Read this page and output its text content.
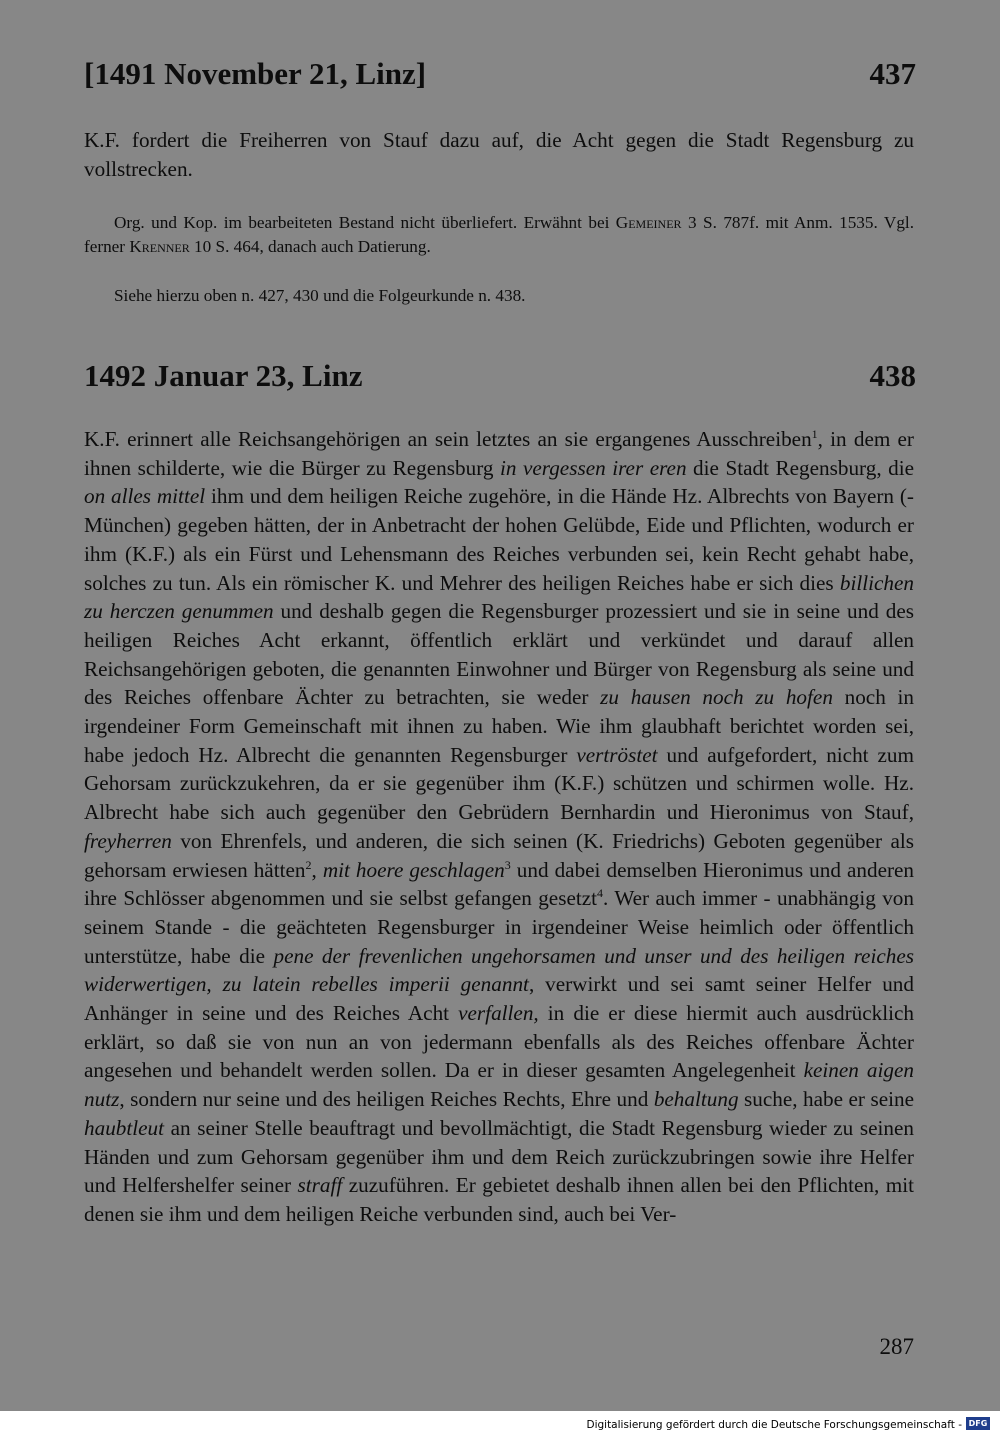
[1491 November 21, Linz]	437
K.F. fordert die Freiherren von Stauf dazu auf, die Acht gegen die Stadt Regensburg zu vollstrecken.
Org. und Kop. im bearbeiteten Bestand nicht überliefert. Erwähnt bei Gemeiner 3 S. 787f. mit Anm. 1535. Vgl. ferner Krenner 10 S. 464, danach auch Datierung.
Siehe hierzu oben n. 427, 430 und die Folgeurkunde n. 438.
1492 Januar 23, Linz	438
K.F. erinnert alle Reichsangehörigen an sein letztes an sie ergangenes Ausschreiben$^1$, in dem er ihnen schilderte, wie die Bürger zu Regensburg in vergessen irer eren die Stadt Regensburg, die on alles mittel ihm und dem heiligen Reiche zugehöre, in die Hände Hz. Albrechts von Bayern (-München) gegeben hätten, der in Anbetracht der hohen Gelübde, Eide und Pflichten, wodurch er ihm (K.F.) als ein Fürst und Lehensmann des Reiches verbunden sei, kein Recht gehabt habe, solches zu tun. Als ein römischer K. und Mehrer des heiligen Reiches habe er sich dies billichen zu herczen genummen und deshalb gegen die Regensburger prozessiert und sie in seine und des heiligen Reiches Acht erkannt, öffentlich erklärt und verkündet und darauf allen Reichsangehörigen geboten, die genannten Einwohner und Bürger von Regensburg als seine und des Reiches offenbare Ächter zu betrachten, sie weder zu hausen noch zu hofen noch in irgendeiner Form Gemeinschaft mit ihnen zu haben. Wie ihm glaubhaft berichtet worden sei, habe jedoch Hz. Albrecht die genannten Regensburger vertröstet und aufgefordert, nicht zum Gehorsam zurückzukehren, da er sie gegenüber ihm (K.F.) schützen und schirmen wolle. Hz. Albrecht habe sich auch gegenüber den Gebrüdern Bernhardin und Hieronimus von Stauf, freyherren von Ehrenfels, und anderen, die sich seinen (K. Friedrichs) Geboten gegenüber als gehorsam erwiesen hätten$^2$, mit hoere geschlagen$^3$ und dabei demselben Hieronimus und anderen ihre Schlösser abgenommen und sie selbst gefangen gesetzt$^4$. Wer auch immer - unabhängig von seinem Stande - die geächteten Regensburger in irgendeiner Weise heimlich oder öffentlich unterstütze, habe die pene der frevenlichen ungehorsamen und unser und des heiligen reiches widerwertigen, zu latein rebelles imperii genannt, verwirkt und sei samt seiner Helfer und Anhänger in seine und des Reiches Acht verfallen, in die er diese hiermit auch ausdrücklich erklärt, so daß sie von nun an von jedermann ebenfalls als des Reiches offenbare Ächter angesehen und behandelt werden sollen. Da er in dieser gesamten Angelegenheit keinen aigen nutz, sondern nur seine und des heiligen Reiches Rechts, Ehre und behaltung suche, habe er seine haubtleut an seiner Stelle beauftragt und bevollmächtigt, die Stadt Regensburg wieder zu seinen Händen und zum Gehorsam gegenüber ihm und dem Reich zurückzubringen sowie ihre Helfer und Helfershelfer seiner straff zuzuführen. Er gebietet deshalb ihnen allen bei den Pflichten, mit denen sie ihm und dem heiligen Reiche verbunden sind, auch bei Ver-
287
Digitalisierung gefördert durch die Deutsche Forschungsgemeinschaft - DFG
